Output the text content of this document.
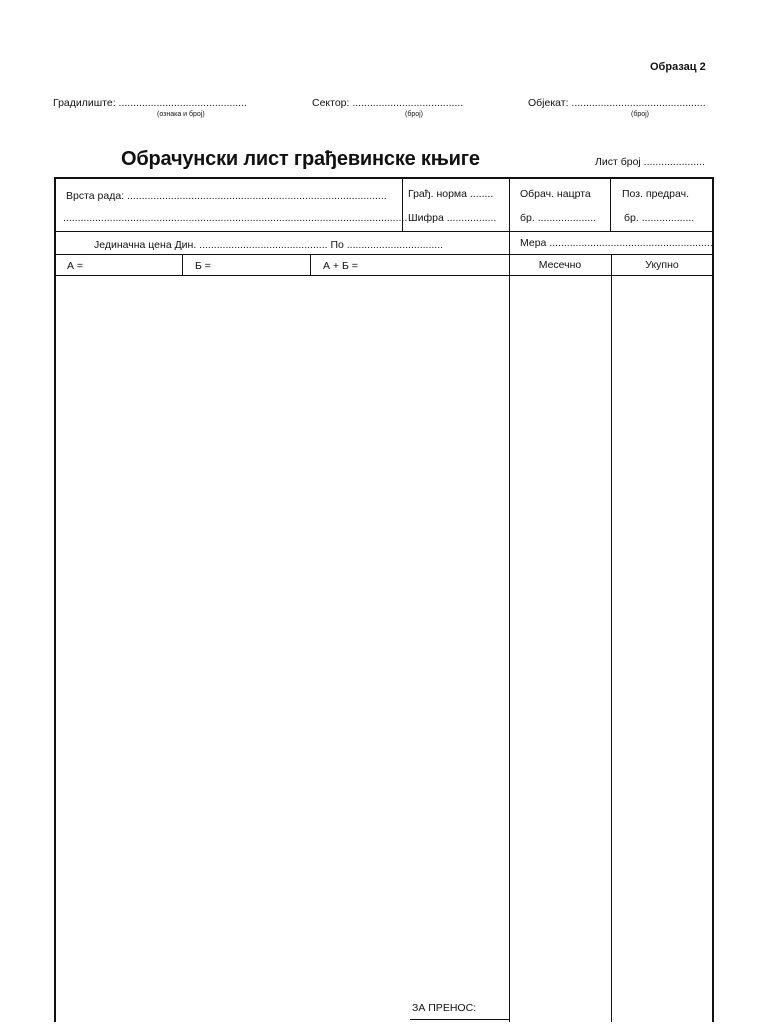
Образац 2
Градилиште: ............................................
(ознака и број)
Сектор: ......................................
(број)
Објекат: ..............................................
(број)
Обрачунски лист грађевинске књиге	Лист број .....................
Врста рада: .........................................................................................
......................................................................................................................
Грађ. норма ........
Шифра .................
Обрач. нацрта
бр. ....................
Поз. предрач.
бр. ..................
Јединачна цена Дин. ............................................ По .................................	Мера ........................................................
А =	Б =	А + Б =	Месечно	Укупно
ЗА ПРЕНОС:
